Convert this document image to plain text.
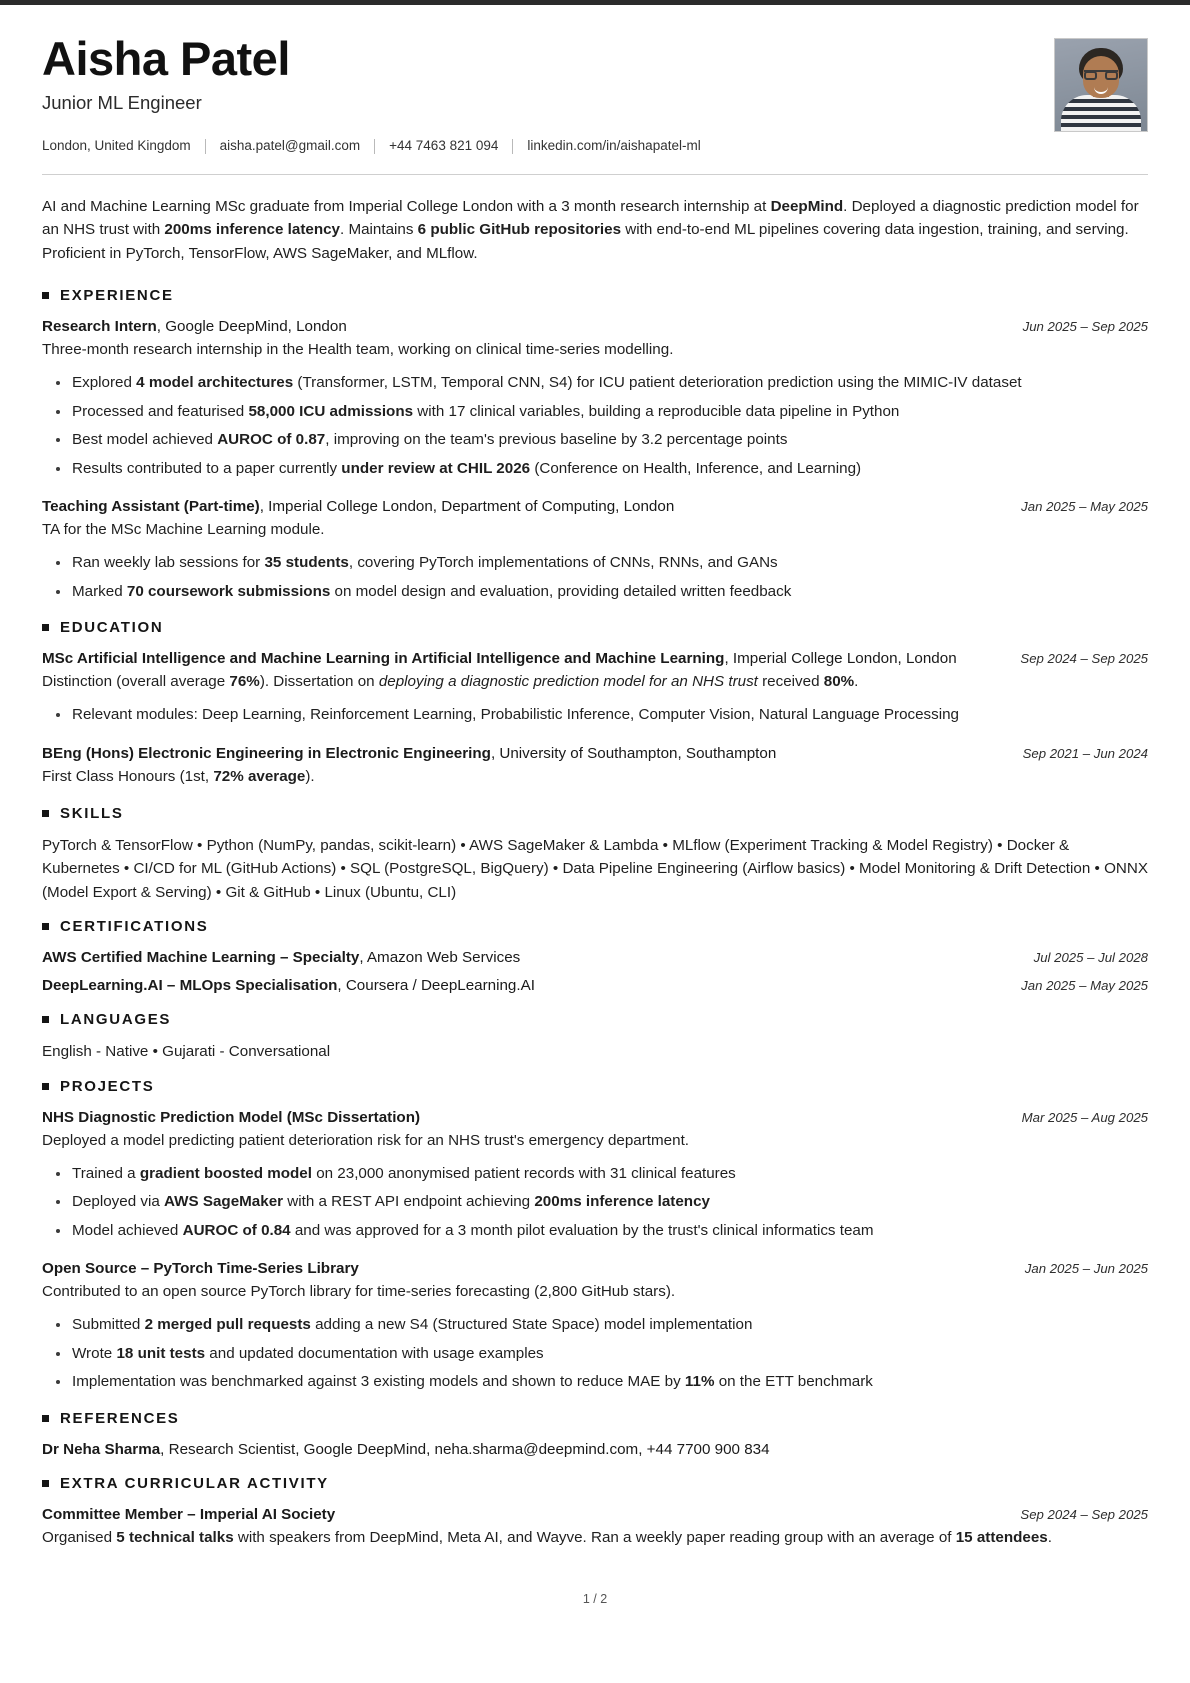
Aisha Patel
Junior ML Engineer
London, United Kingdom aisha.patel@gmail.com +44 7463 821 094 linkedin.com/in/aishapatel-ml
AI and Machine Learning MSc graduate from Imperial College London with a 3 month research internship at DeepMind. Deployed a diagnostic prediction model for an NHS trust with 200ms inference latency. Maintains 6 public GitHub repositories with end-to-end ML pipelines covering data ingestion, training, and serving. Proficient in PyTorch, TensorFlow, AWS SageMaker, and MLflow.
EXPERIENCE
Research Intern, Google DeepMind, London	Jun 2025 – Sep 2025
Three-month research internship in the Health team, working on clinical time-series modelling.
Explored 4 model architectures (Transformer, LSTM, Temporal CNN, S4) for ICU patient deterioration prediction using the MIMIC-IV dataset
Processed and featurised 58,000 ICU admissions with 17 clinical variables, building a reproducible data pipeline in Python
Best model achieved AUROC of 0.87, improving on the team's previous baseline by 3.2 percentage points
Results contributed to a paper currently under review at CHIL 2026 (Conference on Health, Inference, and Learning)
Teaching Assistant (Part-time), Imperial College London, Department of Computing, London	Jan 2025 – May 2025
TA for the MSc Machine Learning module.
Ran weekly lab sessions for 35 students, covering PyTorch implementations of CNNs, RNNs, and GANs
Marked 70 coursework submissions on model design and evaluation, providing detailed written feedback
EDUCATION
MSc Artificial Intelligence and Machine Learning in Artificial Intelligence and Machine Learning, Imperial College London, London	Sep 2024 – Sep 2025
Distinction (overall average 76%). Dissertation on deploying a diagnostic prediction model for an NHS trust received 80%.
Relevant modules: Deep Learning, Reinforcement Learning, Probabilistic Inference, Computer Vision, Natural Language Processing
BEng (Hons) Electronic Engineering in Electronic Engineering, University of Southampton, Southampton	Sep 2021 – Jun 2024
First Class Honours (1st, 72% average).
SKILLS
PyTorch & TensorFlow • Python (NumPy, pandas, scikit-learn) • AWS SageMaker & Lambda • MLflow (Experiment Tracking & Model Registry) • Docker & Kubernetes • CI/CD for ML (GitHub Actions) • SQL (PostgreSQL, BigQuery) • Data Pipeline Engineering (Airflow basics) • Model Monitoring & Drift Detection • ONNX (Model Export & Serving) • Git & GitHub • Linux (Ubuntu, CLI)
CERTIFICATIONS
AWS Certified Machine Learning – Specialty, Amazon Web Services	Jul 2025 – Jul 2028
DeepLearning.AI – MLOps Specialisation, Coursera / DeepLearning.AI	Jan 2025 – May 2025
LANGUAGES
English - Native • Gujarati - Conversational
PROJECTS
NHS Diagnostic Prediction Model (MSc Dissertation)	Mar 2025 – Aug 2025
Deployed a model predicting patient deterioration risk for an NHS trust's emergency department.
Trained a gradient boosted model on 23,000 anonymised patient records with 31 clinical features
Deployed via AWS SageMaker with a REST API endpoint achieving 200ms inference latency
Model achieved AUROC of 0.84 and was approved for a 3 month pilot evaluation by the trust's clinical informatics team
Open Source – PyTorch Time-Series Library	Jan 2025 – Jun 2025
Contributed to an open source PyTorch library for time-series forecasting (2,800 GitHub stars).
Submitted 2 merged pull requests adding a new S4 (Structured State Space) model implementation
Wrote 18 unit tests and updated documentation with usage examples
Implementation was benchmarked against 3 existing models and shown to reduce MAE by 11% on the ETT benchmark
REFERENCES
Dr Neha Sharma, Research Scientist, Google DeepMind, neha.sharma@deepmind.com, +44 7700 900 834
EXTRA CURRICULAR ACTIVITY
Committee Member – Imperial AI Society	Sep 2024 – Sep 2025
Organised 5 technical talks with speakers from DeepMind, Meta AI, and Wayve. Ran a weekly paper reading group with an average of 15 attendees.
1 / 2
